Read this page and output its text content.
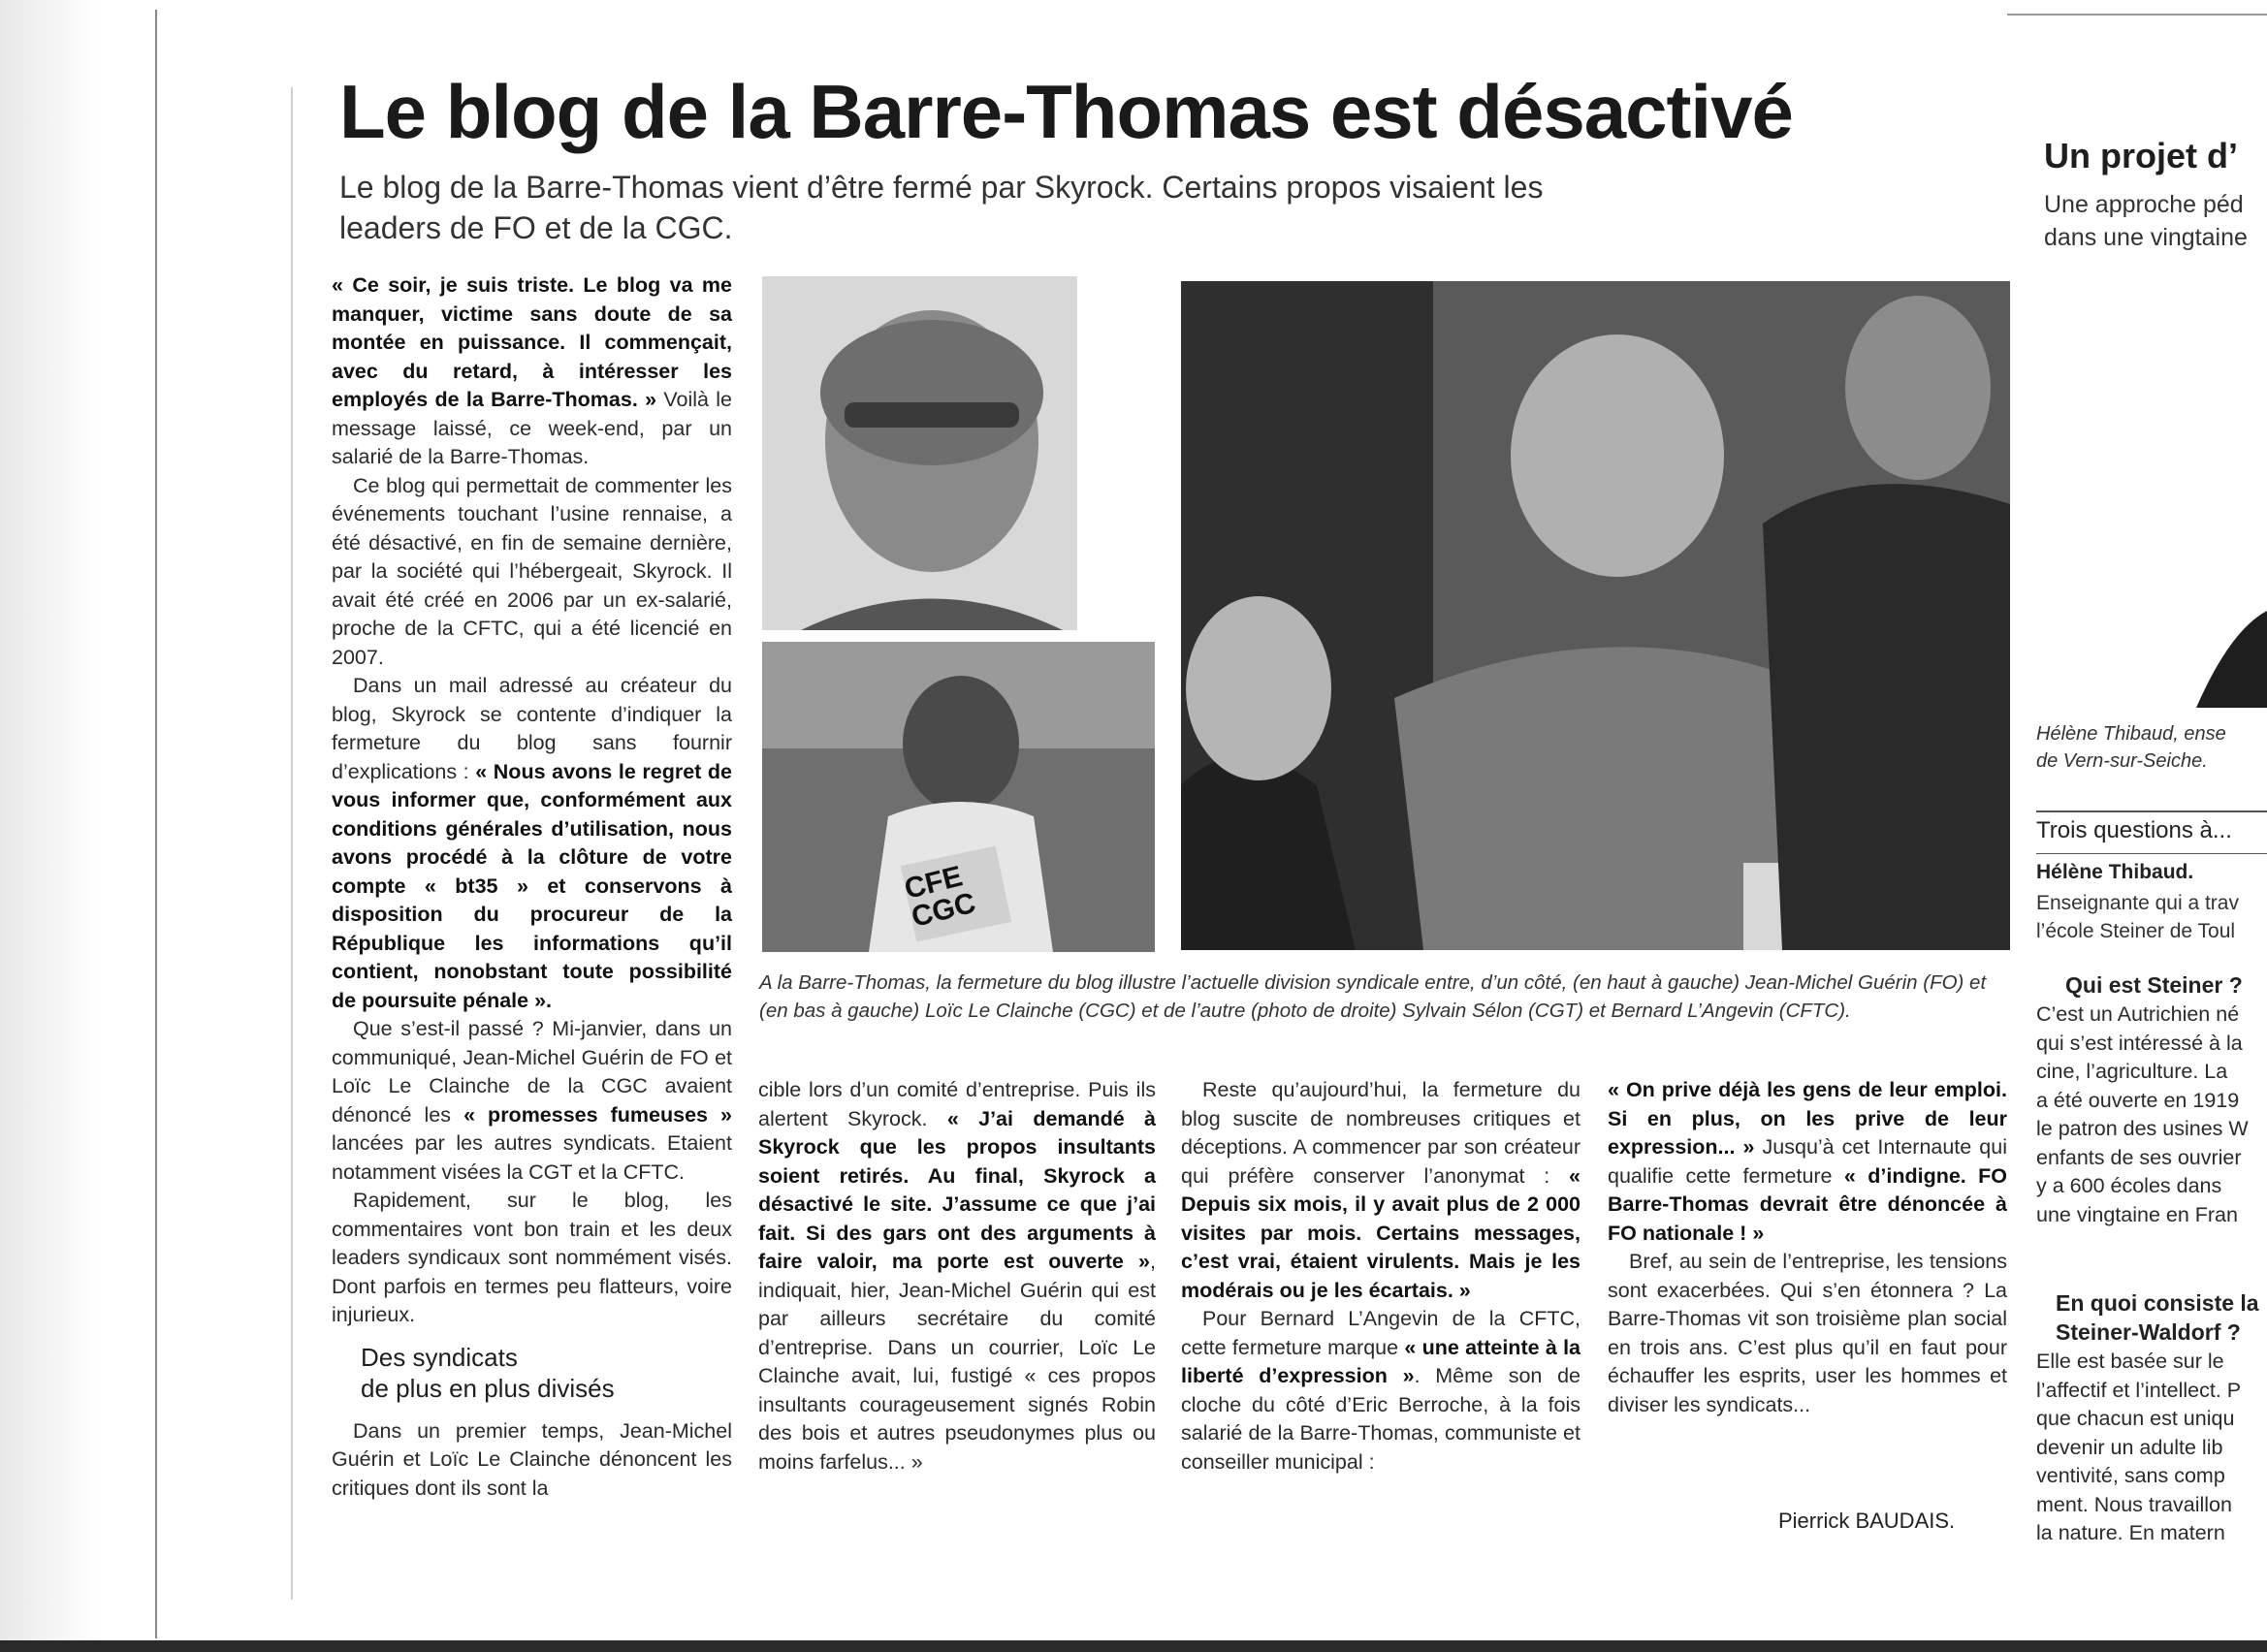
Le blog de la Barre-Thomas est désactivé
Le blog de la Barre-Thomas vient d’être fermé par Skyrock. Certains propos visaient les leaders de FO et de la CGC.

« Ce soir, je suis triste. Le blog va me manquer, victime sans doute de sa montée en puissance. Il commençait, avec du retard, à intéresser les employés de la Barre-Thomas. » Voilà le message laissé, ce week-end, par un salarié de la Barre-Thomas.

Ce blog qui permettait de commenter les événements touchant l’usine rennaise, a été désactivé, en fin de semaine dernière, par la société qui l’hébergeait, Skyrock. Il avait été créé en 2006 par un ex-salarié, proche de la CFTC, qui a été licencié en 2007.

Dans un mail adressé au créateur du blog, Skyrock se contente d’indiquer la fermeture du blog sans fournir d’explications : « Nous avons le regret de vous informer que, conformément aux conditions générales d’utilisation, nous avons procédé à la clôture de votre compte « bt35 » et conservons à disposition du procureur de la République les informations qu’il contient, nonobstant toute possibilité de poursuite pénale ».

Que s’est-il passé ? Mi-janvier, dans un communiqué, Jean-Michel Guérin de FO et Loïc Le Clainche de la CGC avaient dénoncé les « promesses fumeuses » lancées par les autres syndicats. Etaient notamment visées la CGT et la CFTC.

Rapidement, sur le blog, les commentaires vont bon train et les deux leaders syndicaux sont nommément visés. Dont parfois en termes peu flatteurs, voire injurieux.

Des syndicats
de plus en plus divisés

Dans un premier temps, Jean-Michel Guérin et Loïc Le Clainche dénoncent les critiques dont ils sont la

CFE CGC
A la Barre-Thomas, la fermeture du blog illustre l’actuelle division syndicale entre, d’un côté, (en haut à gauche) Jean-Michel Guérin (FO) et (en bas à gauche) Loïc Le Clainche (CGC) et de l’autre (photo de droite) Sylvain Sélon (CGT) et Bernard L’Angevin (CFTC).

cible lors d’un comité d’entreprise. Puis ils alertent Skyrock. « J’ai demandé à Skyrock que les propos insultants soient retirés. Au final, Skyrock a désactivé le site. J’assume ce que j’ai fait. Si des gars ont des arguments à faire valoir, ma porte est ouverte », indiquait, hier, Jean-Michel Guérin qui est par ailleurs secrétaire du comité d’entreprise. Dans un courrier, Loïc Le Clainche avait, lui, fustigé « ces propos insultants courageusement signés Robin des bois et autres pseudonymes plus ou moins farfelus... »

Reste qu’aujourd’hui, la fermeture du blog suscite de nombreuses critiques et déceptions. A commencer par son créateur qui préfère conserver l’anonymat : « Depuis six mois, il y avait plus de 2 000 visites par mois. Certains messages, c’est vrai, étaient virulents. Mais je les modérais ou je les écartais. »

Pour Bernard L’Angevin de la CFTC, cette fermeture marque « une atteinte à la liberté d’expression ». Même son de cloche du côté d’Eric Berroche, à la fois salarié de la Barre-Thomas, communiste et conseiller municipal :

« On prive déjà les gens de leur emploi. Si en plus, on les prive de leur expression... » Jusqu’à cet Internaute qui qualifie cette fermeture « d’indigne. FO Barre-Thomas devrait être dénoncée à FO nationale ! »

Bref, au sein de l’entreprise, les tensions sont exacerbées. Qui s’en étonnera ? La Barre-Thomas vit son troisième plan social en trois ans. C’est plus qu’il en faut pour échauffer les esprits, user les hommes et diviser les syndicats...

Pierrick BAUDAIS.
Un projet d’
Une approche péd
dans une vingtaine
Hélène Thibaud, ense
de Vern-sur-Seiche.
Trois questions à...
Hélène Thibaud.
Enseignante qui a trav
l’école Steiner de Toul
Qui est Steiner ?
C’est un Autrichien né
qui s’est intéressé à la
cine, l’agriculture. La
a été ouverte en 1919
le patron des usines W
enfants de ses ouvrier
y a 600 écoles dans
une vingtaine en Fran
En quoi consiste la
Steiner-Waldorf ?
Elle est basée sur le
l’affectif et l’intellect. P
que chacun est uniqu
devenir un adulte lib
ventivité, sans comp
ment. Nous travaillon
la nature. En matern
